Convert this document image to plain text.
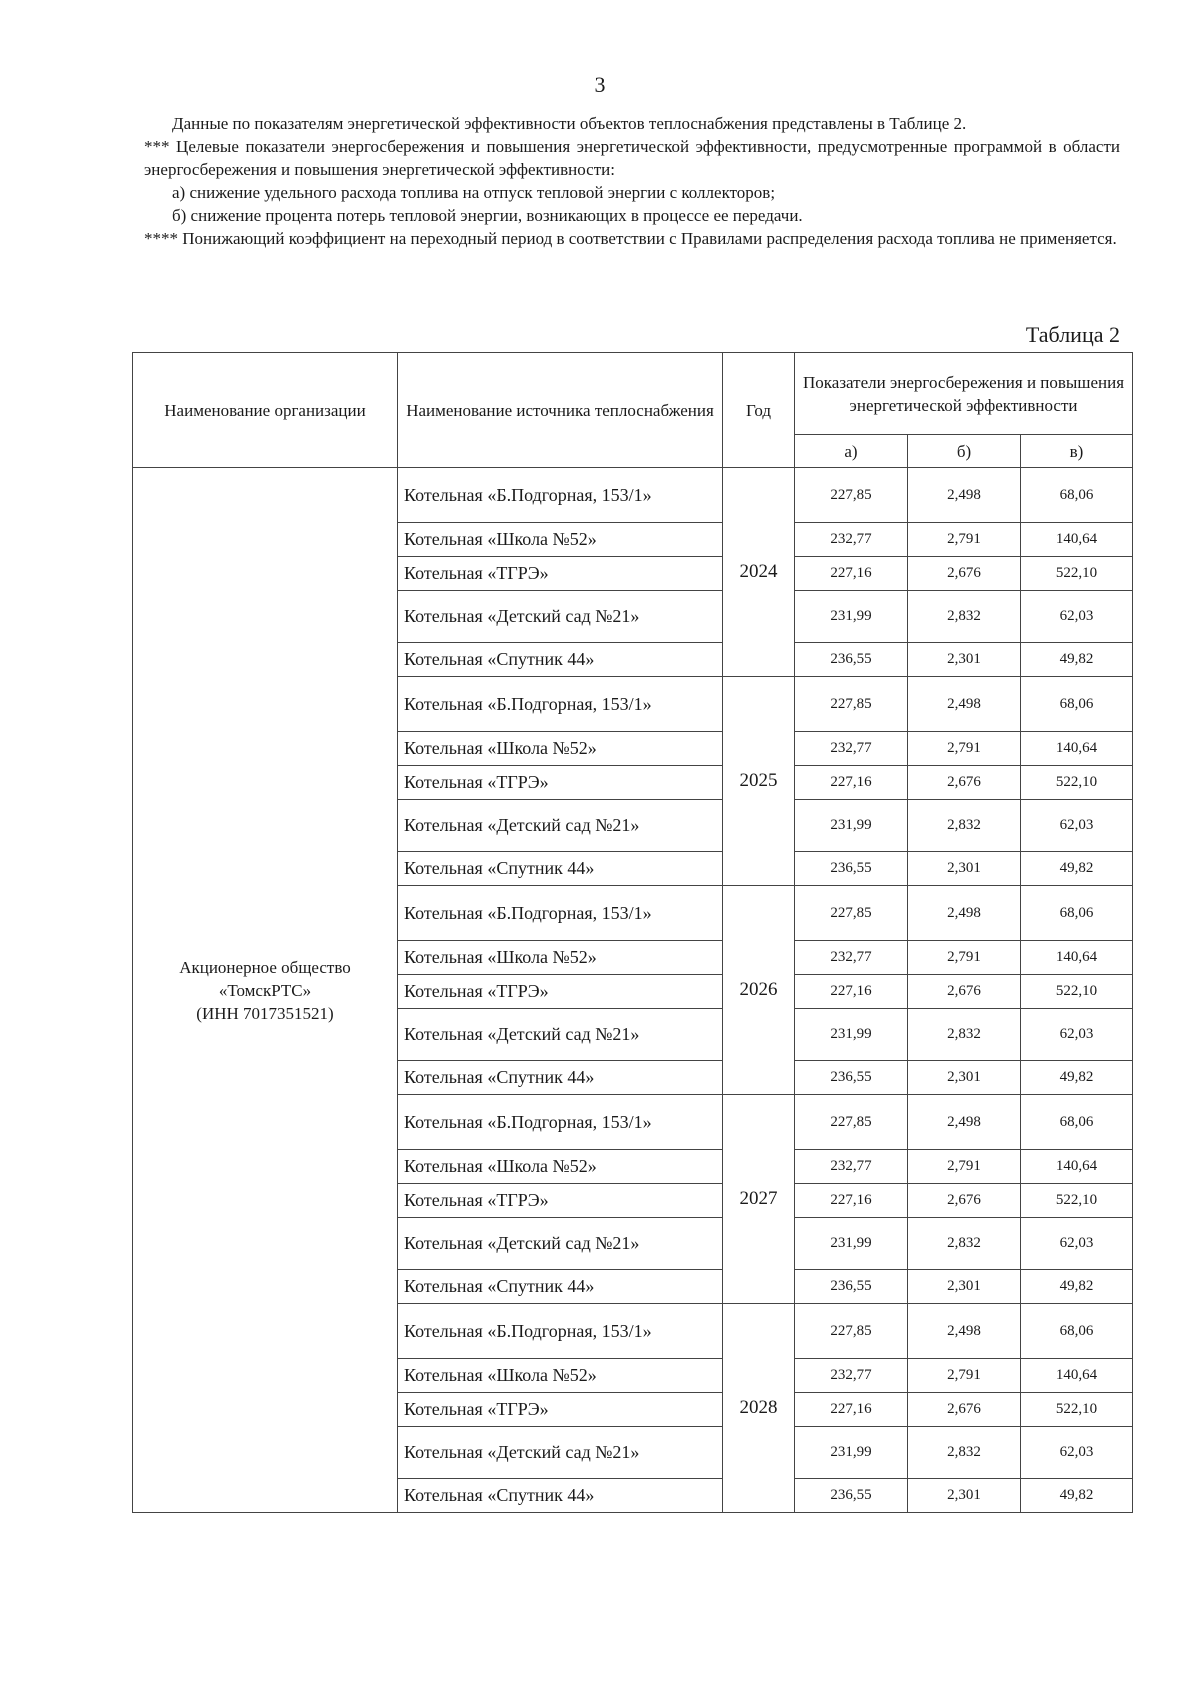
3

Данные по показателям энергетической эффективности объектов теплоснабжения представлены в Таблице 2.

*** Целевые показатели энергосбережения и повышения энергетической эффективности, предусмотренные программой в области энергосбережения и повышения энергетической эффективности:

а) снижение удельного расхода топлива на отпуск тепловой энергии с коллекторов;

б) снижение процента потерь тепловой энергии, возникающих в процессе ее передачи.

**** Понижающий коэффициент на переходный период в соответствии с Правилами распределения расхода топлива не применяется.

Таблица 2
Наименование организации	Наименование источника теплоснабжения	Год	Показатели энергосбережения и повышения энергетической эффективности		
			а)	б)	в)

Акционерное общество
«ТомскРТС»
(ИНН 7017351521)	Котельная «Б.Подгорная, 153/1»	2024	227,85	2,498	68,06
	Котельная «Школа №52»		232,77	2,791	140,64
	Котельная «ТГРЭ»		227,16	2,676	522,10
	Котельная «Детский сад №21»		231,99	2,832	62,03
	Котельная «Спутник 44»		236,55	2,301	49,82
	Котельная «Б.Подгорная, 153/1»	2025	227,85	2,498	68,06
	Котельная «Школа №52»		232,77	2,791	140,64
	Котельная «ТГРЭ»		227,16	2,676	522,10
	Котельная «Детский сад №21»		231,99	2,832	62,03
	Котельная «Спутник 44»		236,55	2,301	49,82
	Котельная «Б.Подгорная, 153/1»	2026	227,85	2,498	68,06
	Котельная «Школа №52»		232,77	2,791	140,64
	Котельная «ТГРЭ»		227,16	2,676	522,10
	Котельная «Детский сад №21»		231,99	2,832	62,03
	Котельная «Спутник 44»		236,55	2,301	49,82
	Котельная «Б.Подгорная, 153/1»	2027	227,85	2,498	68,06
	Котельная «Школа №52»		232,77	2,791	140,64
	Котельная «ТГРЭ»		227,16	2,676	522,10
	Котельная «Детский сад №21»		231,99	2,832	62,03
	Котельная «Спутник 44»		236,55	2,301	49,82
	Котельная «Б.Подгорная, 153/1»	2028	227,85	2,498	68,06
	Котельная «Школа №52»		232,77	2,791	140,64
	Котельная «ТГРЭ»		227,16	2,676	522,10
	Котельная «Детский сад №21»		231,99	2,832	62,03
	Котельная «Спутник 44»		236,55	2,301	49,82
